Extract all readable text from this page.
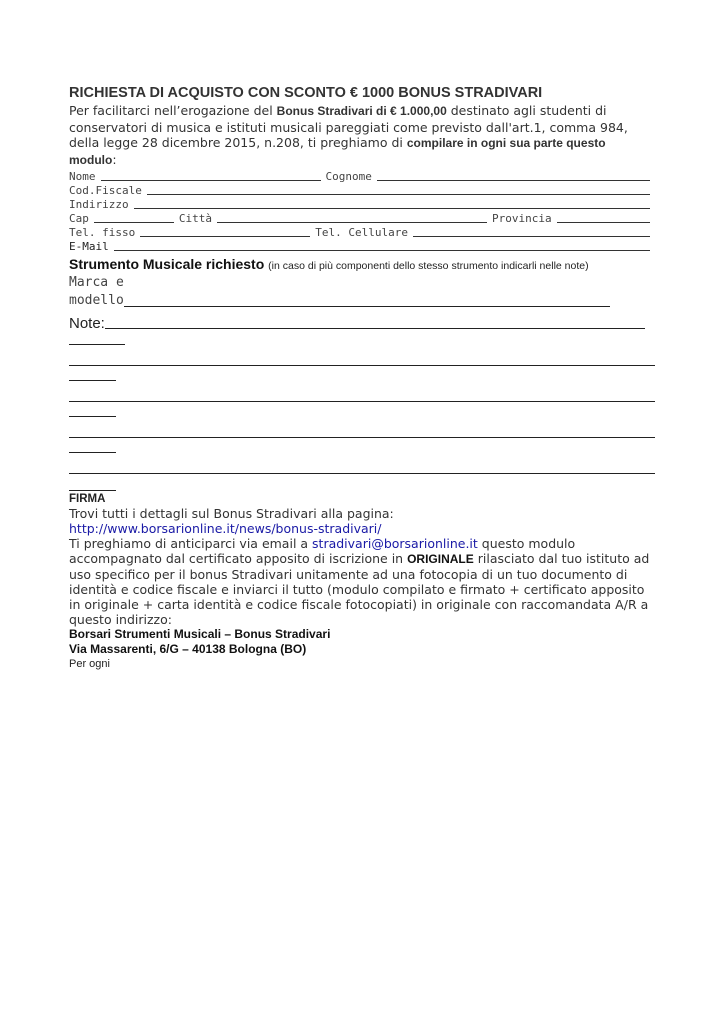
RICHIESTA DI ACQUISTO CON SCONTO € 1000 BONUS STRADIVARI
Per facilitarci nell’erogazione del Bonus Stradivari di € 1.000,00 destinato agli studenti di conservatori di musica e istituti musicali pareggiati come previsto dall'art.1, comma 984, della legge 28 dicembre 2015, n.208, ti preghiamo di compilare in ogni sua parte questo modulo:
Nome	Cognome
Cod.Fiscale
Indirizzo
Cap	Città	Provincia
Tel. fisso	Tel. Cellulare
E-Mail
Strumento Musicale richiesto (in caso di più componenti dello stesso strumento indicarli nelle note)
Marca e
modello
Note:
FIRMA
Trovi tutti i dettagli sul Bonus Stradivari alla pagina:
http://www.borsarionline.it/news/bonus-stradivari/
Ti preghiamo di anticiparci via email a stradivari@borsarionline.it questo modulo accompagnato dal certificato apposito di iscrizione in ORIGINALE rilasciato dal tuo istituto ad uso specifico per il bonus Stradivari unitamente ad una fotocopia di un tuo documento di identità e codice fiscale e inviarci il tutto (modulo compilato e firmato + certificato apposito in originale + carta identità e codice fiscale fotocopiati) in originale con raccomandata A/R a questo indirizzo:
Borsari Strumenti Musicali – Bonus Stradivari
Via Massarenti, 6/G – 40138 Bologna (BO)
Per ogni
